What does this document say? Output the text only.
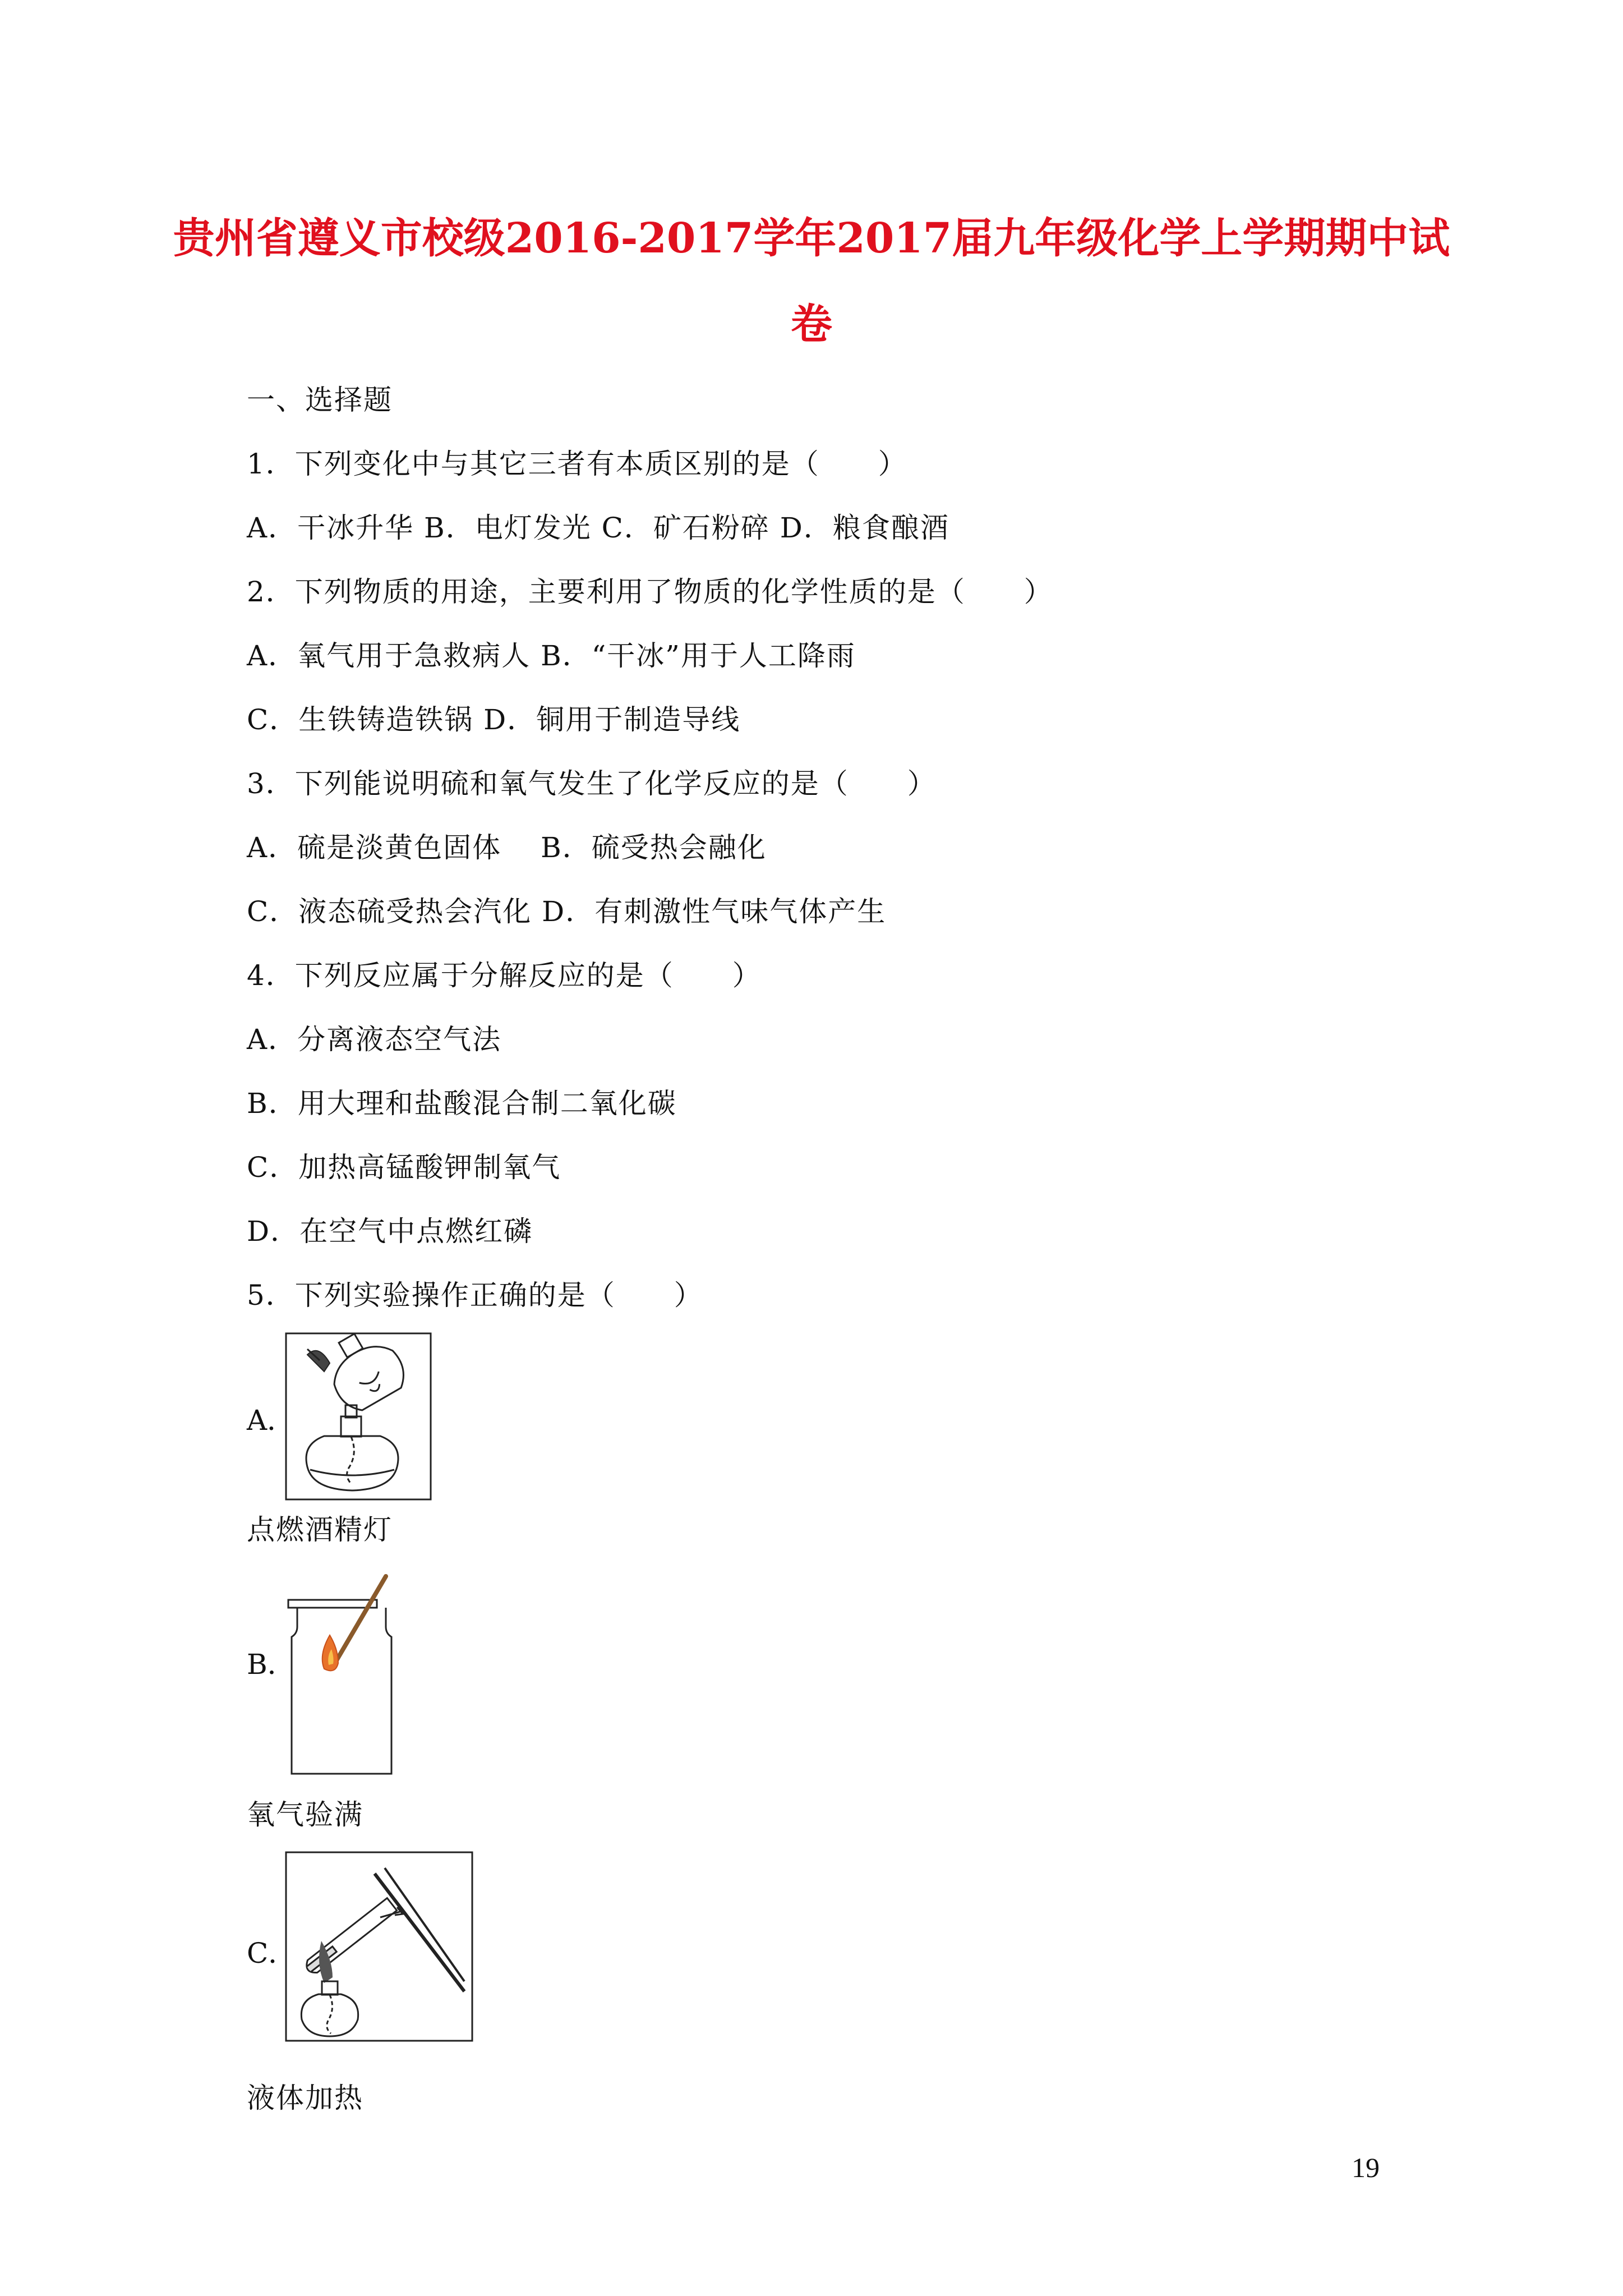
贵州省遵义市校级2016-2017学年2017届九年级化学上学期期中试
卷
一、选择题
1．下列变化中与其它三者有本质区别的是（　　）
A．干冰升华 B．电灯发光 C．矿石粉碎 D．粮食酿酒
2．下列物质的用途，主要利用了物质的化学性质的是（　　）
A．氧气用于急救病人 B．“干冰”用于人工降雨
C．生铁铸造铁锅 D．铜用于制造导线
3．下列能说明硫和氧气发生了化学反应的是（　　）
A．硫是淡黄色固体　 B．硫受热会融化
C．液态硫受热会汽化 D．有刺激性气味气体产生
4．下列反应属于分解反应的是（　　）
A．分离液态空气法
B．用大理和盐酸混合制二氧化碳
C．加热高锰酸钾制氧气
D．在空气中点燃红磷
5．下列实验操作正确的是（　　）
A．
点燃酒精灯
B．
氧气验满
C．
液体加热
19
